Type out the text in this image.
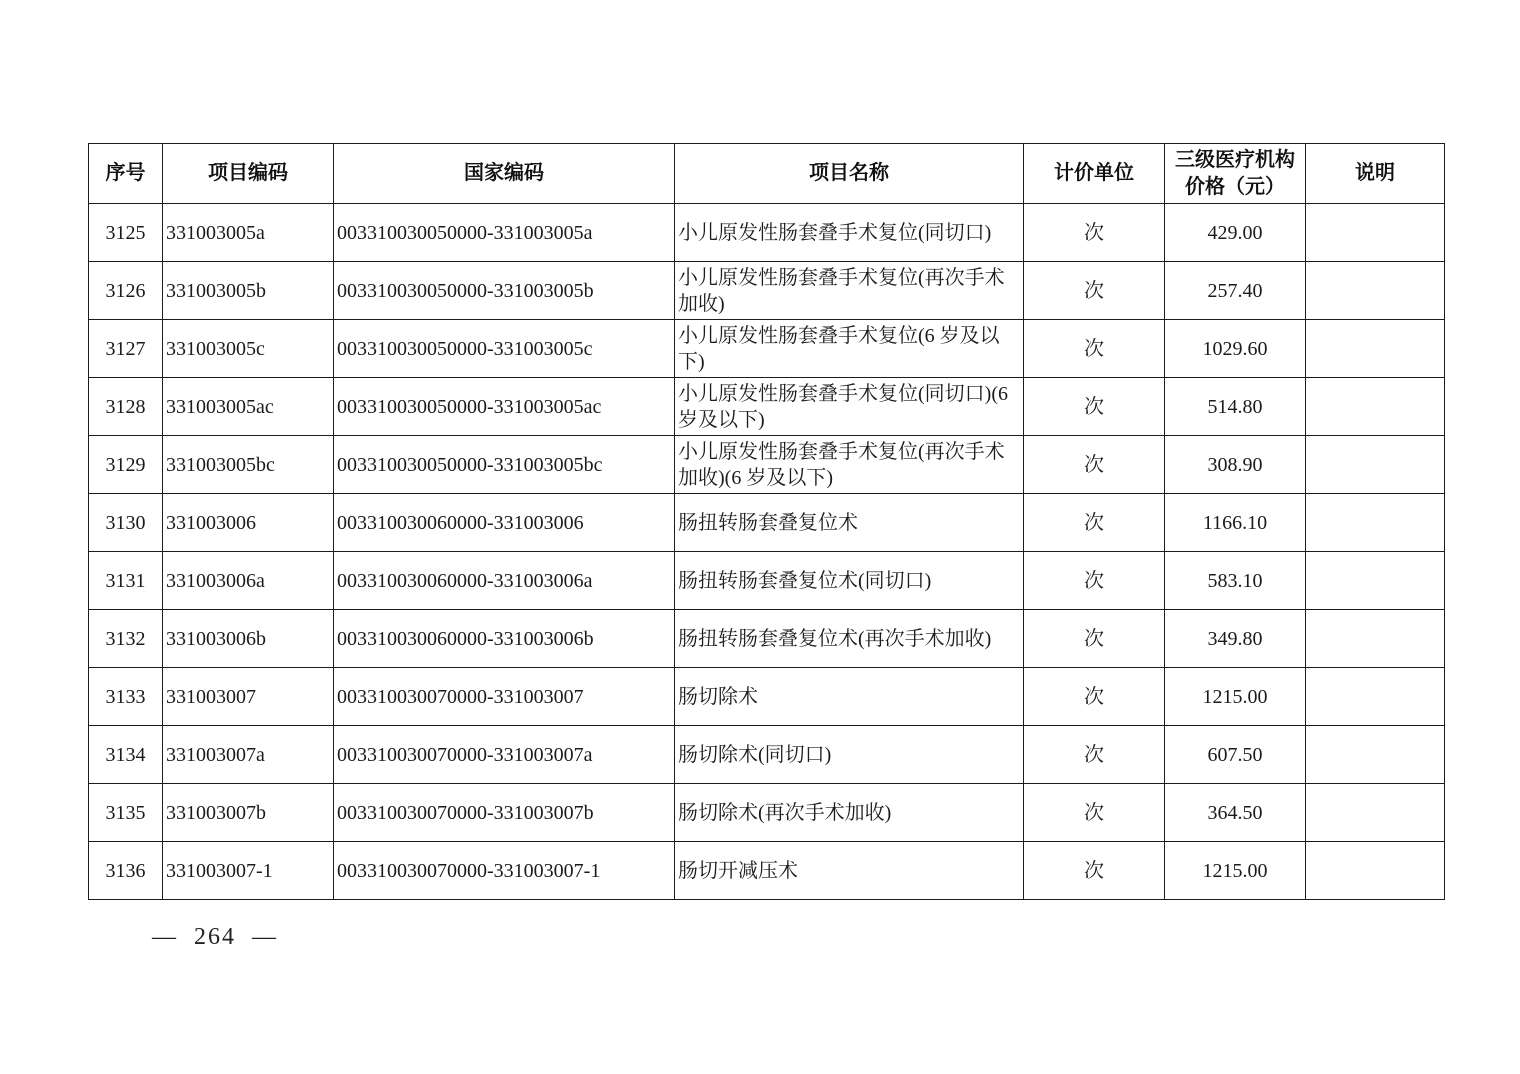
序号	项目编码	国家编码	项目名称	计价单位	三级医疗机构价格（元）	说明
3125	331003005a	003310030050000-331003005a	小儿原发性肠套叠手术复位(同切口)	次	429.00	
3126	331003005b	003310030050000-331003005b	小儿原发性肠套叠手术复位(再次手术加收)	次	257.40	
3127	331003005c	003310030050000-331003005c	小儿原发性肠套叠手术复位(6 岁及以下)	次	1029.60	
3128	331003005ac	003310030050000-331003005ac	小儿原发性肠套叠手术复位(同切口)(6 岁及以下)	次	514.80	
3129	331003005bc	003310030050000-331003005bc	小儿原发性肠套叠手术复位(再次手术加收)(6 岁及以下)	次	308.90	
3130	331003006	003310030060000-331003006	肠扭转肠套叠复位术	次	1166.10	
3131	331003006a	003310030060000-331003006a	肠扭转肠套叠复位术(同切口)	次	583.10	
3132	331003006b	003310030060000-331003006b	肠扭转肠套叠复位术(再次手术加收)	次	349.80	
3133	331003007	003310030070000-331003007	肠切除术	次	1215.00	
3134	331003007a	003310030070000-331003007a	肠切除术(同切口)	次	607.50	
3135	331003007b	003310030070000-331003007b	肠切除术(再次手术加收)	次	364.50	
3136	331003007-1	003310030070000-331003007-1	肠切开减压术	次	1215.00	
—  264  —
